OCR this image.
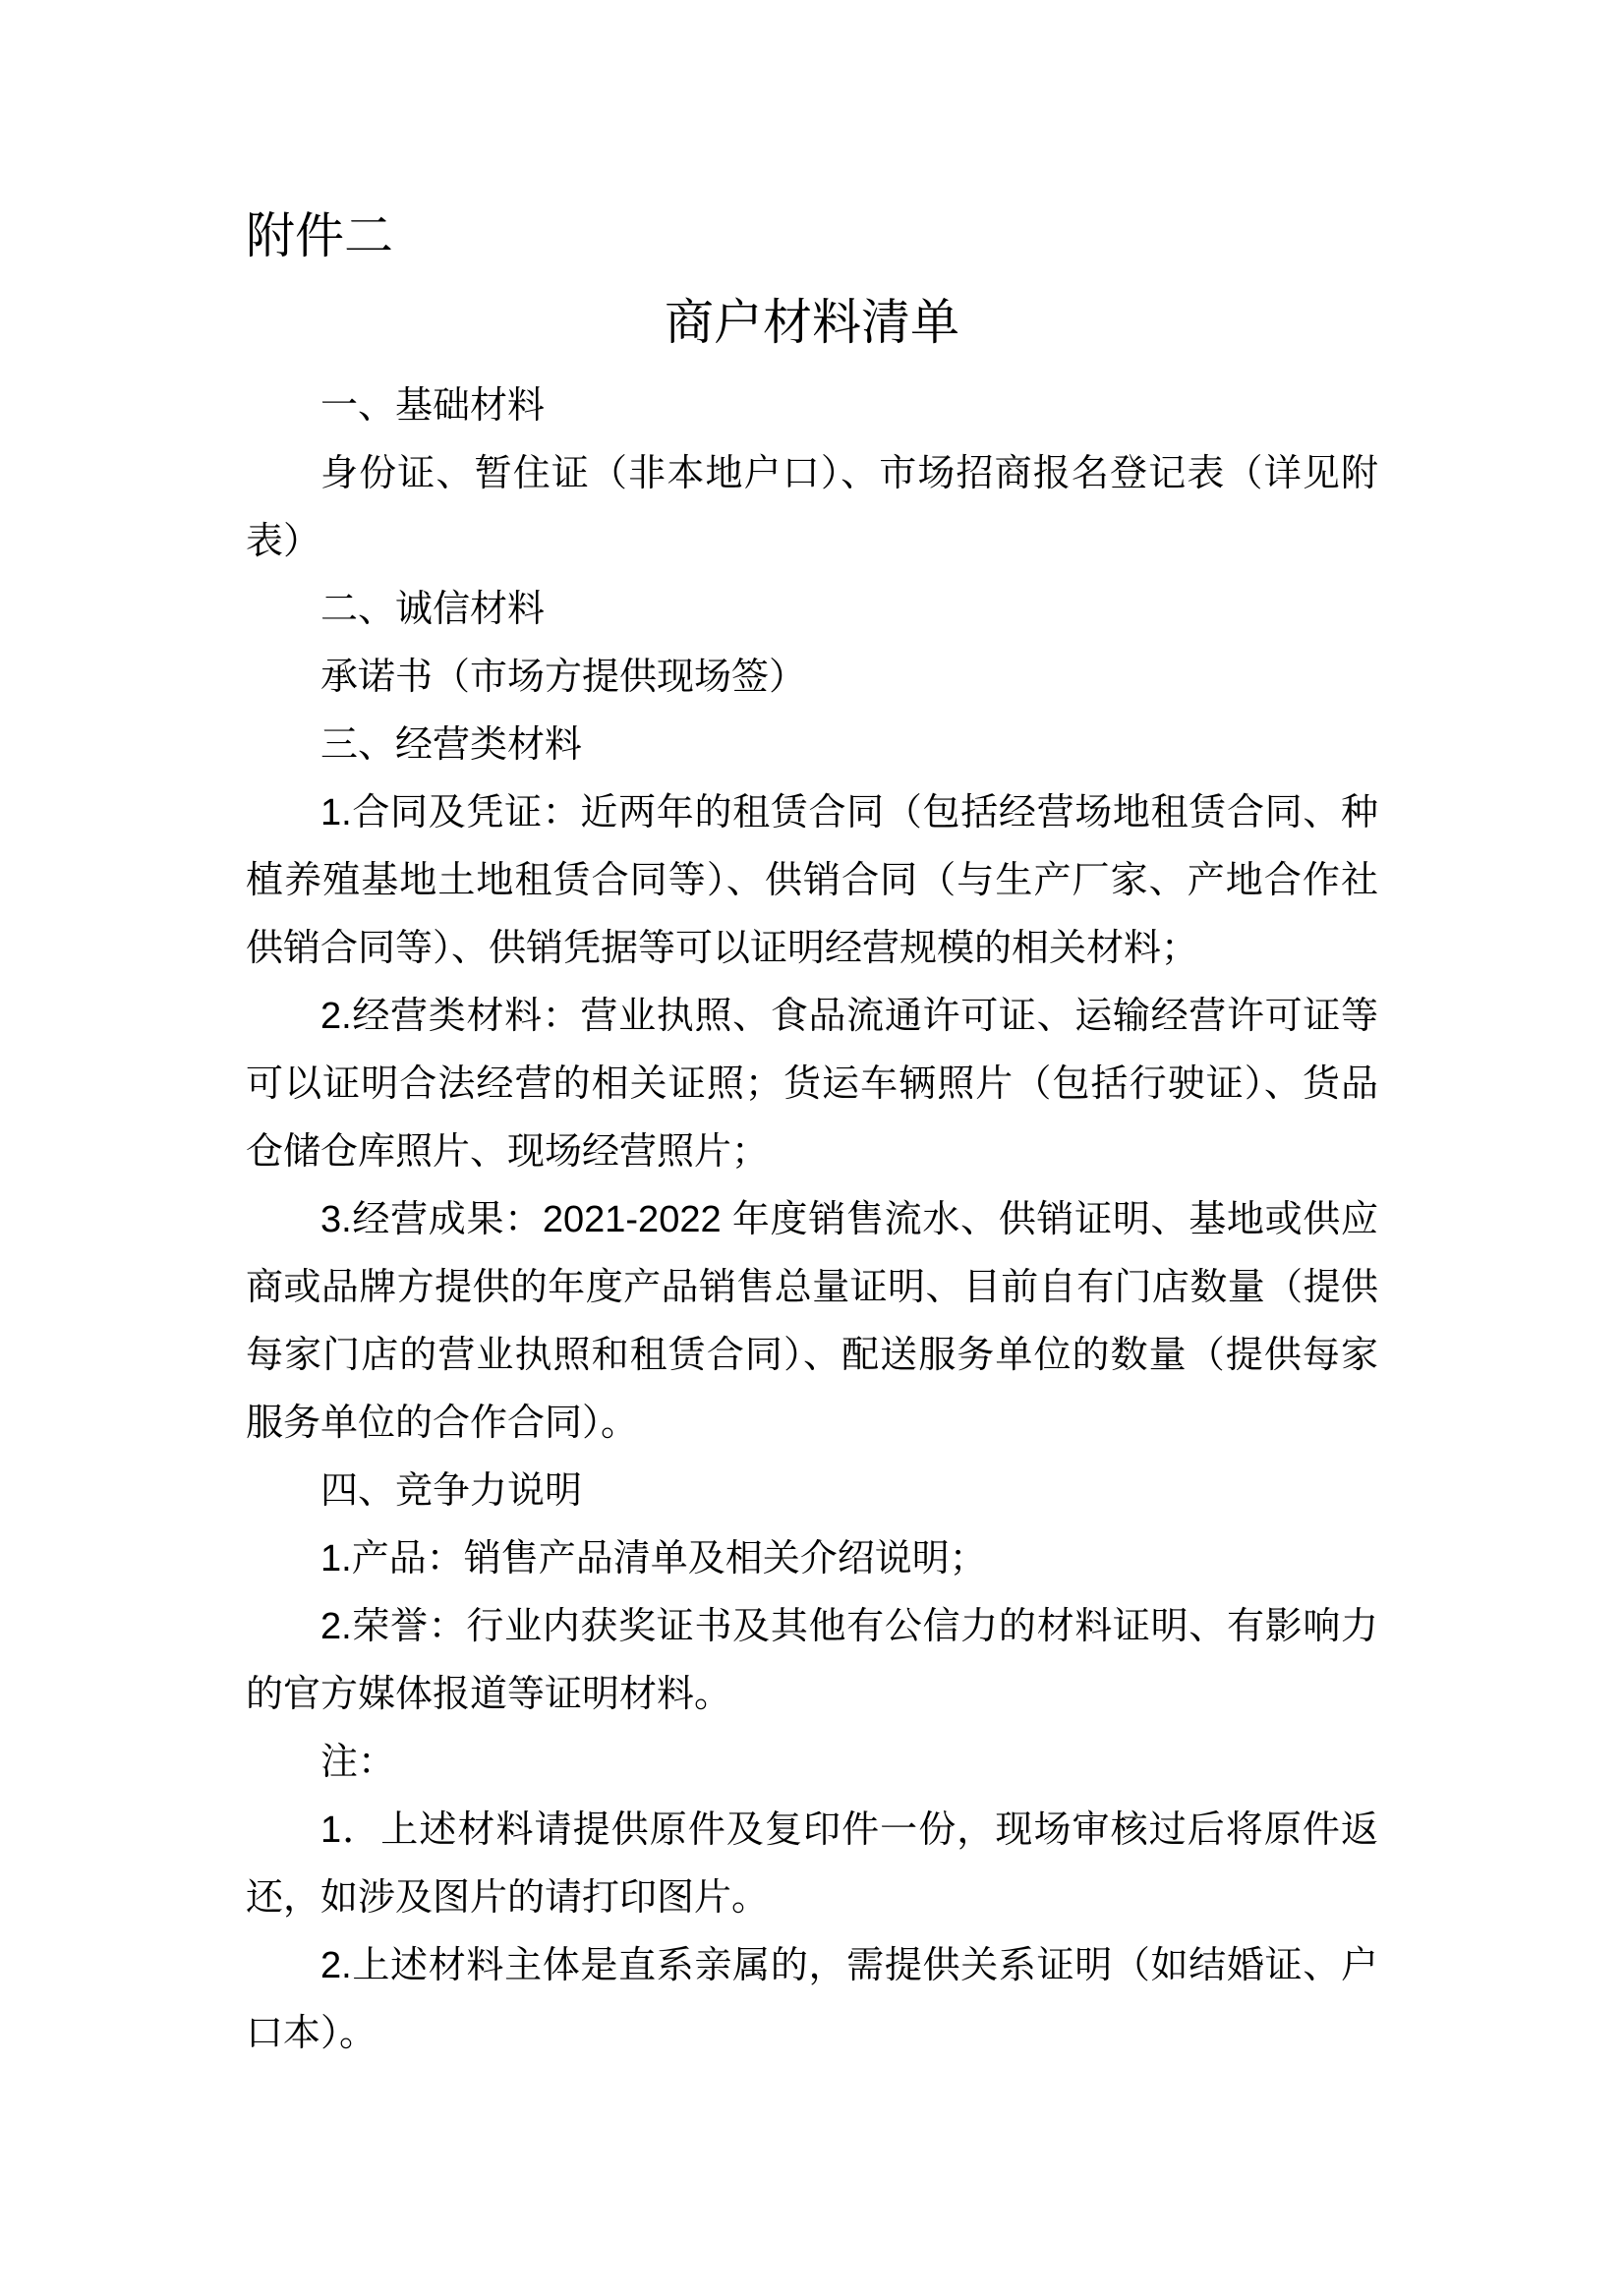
附件二
商户材料清单
一、基础材料
身份证、暂住证（非本地户口）、市场招商报名登记表（详见附
表）
二、诚信材料
承诺书（市场方提供现场签）
三、经营类材料
1.合同及凭证：近两年的租赁合同（包括经营场地租赁合同、种
植养殖基地土地租赁合同等）、供销合同（与生产厂家、产地合作社
供销合同等）、供销凭据等可以证明经营规模的相关材料；
2.经营类材料：营业执照、食品流通许可证、运输经营许可证等
可以证明合法经营的相关证照；货运车辆照片（包括行驶证）、货品
仓储仓库照片、现场经营照片；
3.经营成果：2021-2022 年度销售流水、供销证明、基地或供应
商或品牌方提供的年度产品销售总量证明、目前自有门店数量（提供
每家门店的营业执照和租赁合同）、配送服务单位的数量（提供每家
服务单位的合作合同）。
四、竞争力说明
1.产品：销售产品清单及相关介绍说明；
2.荣誉：行业内获奖证书及其他有公信力的材料证明、有影响力
的官方媒体报道等证明材料。
注：
1．上述材料请提供原件及复印件一份，现场审核过后将原件返
还，如涉及图片的请打印图片。
2.上述材料主体是直系亲属的，需提供关系证明（如结婚证、户
口本）。
